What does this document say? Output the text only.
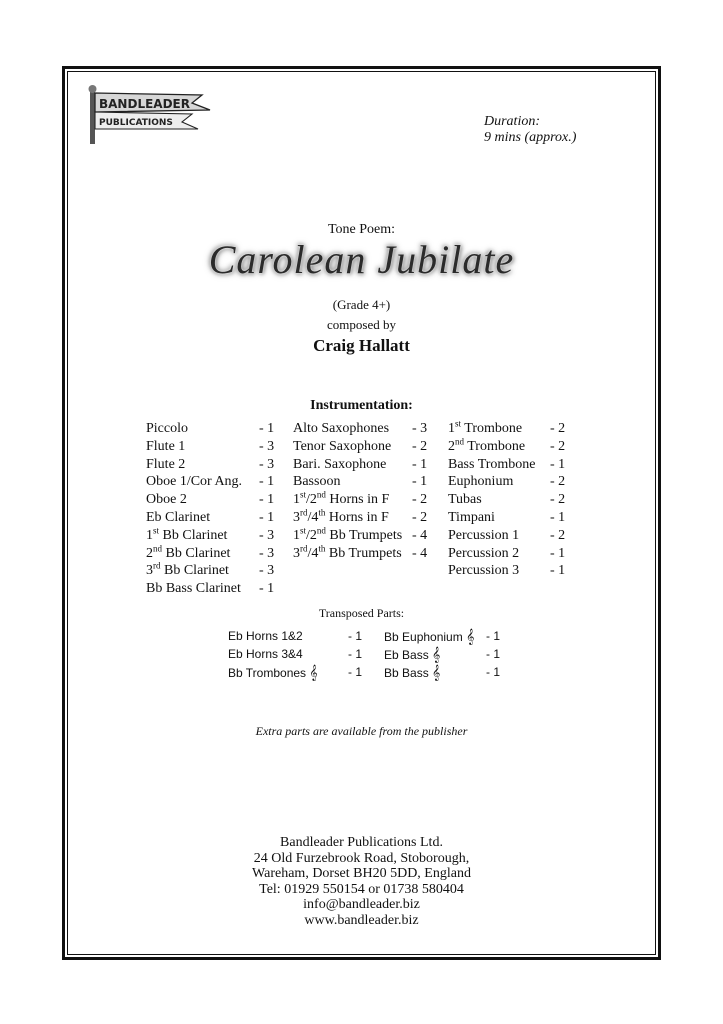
BANDLEADER
PUBLICATIONS	Duration:
9 mins (approx.)
Tone Poem:
Carolean Jubilate
(Grade 4+)
composed by
Craig Hallatt
Instrumentation:
Piccolo	- 1
Flute 1	- 3
Flute 2	- 3
Oboe 1/Cor Ang. - 1
Oboe 2	- 1
Eb Clarinet	- 1
1st Bb Clarinet - 3
2nd Bb Clarinet - 3
3rd Bb Clarinet - 3
Bb Bass Clarinet - 1
Alto Saxophones - 3
Tenor Saxophone - 2
Bari. Saxophone - 1
Bassoon	- 1
1st/2nd Horns in F - 2
3rd/4th Horns in F - 2
1st/2nd Bb Trumpets - 4
3rd/4th Bb Trumpets - 4
1st Trombone - 2
2nd Trombone - 2
Bass Trombone - 1
Euphonium	- 2
Tubas	- 2
Timpani	- 1
Percussion 1 - 2
Percussion 2 - 1
Percussion 3 - 1
Transposed Parts:
Eb Horns 1&2	- 1
Eb Horns 3&4	- 1
Bb Trombones 𝄞	- 1
Bb Euphonium 𝄞 - 1
Eb Bass 𝄞	- 1
Bb Bass 𝄞	- 1
Extra parts are available from the publisher
Bandleader Publications Ltd.
24 Old Furzebrook Road, Stoborough,
Wareham, Dorset BH20 5DD, England
Tel: 01929 550154 or 01738 580404
info@bandleader.biz
www.bandleader.biz
